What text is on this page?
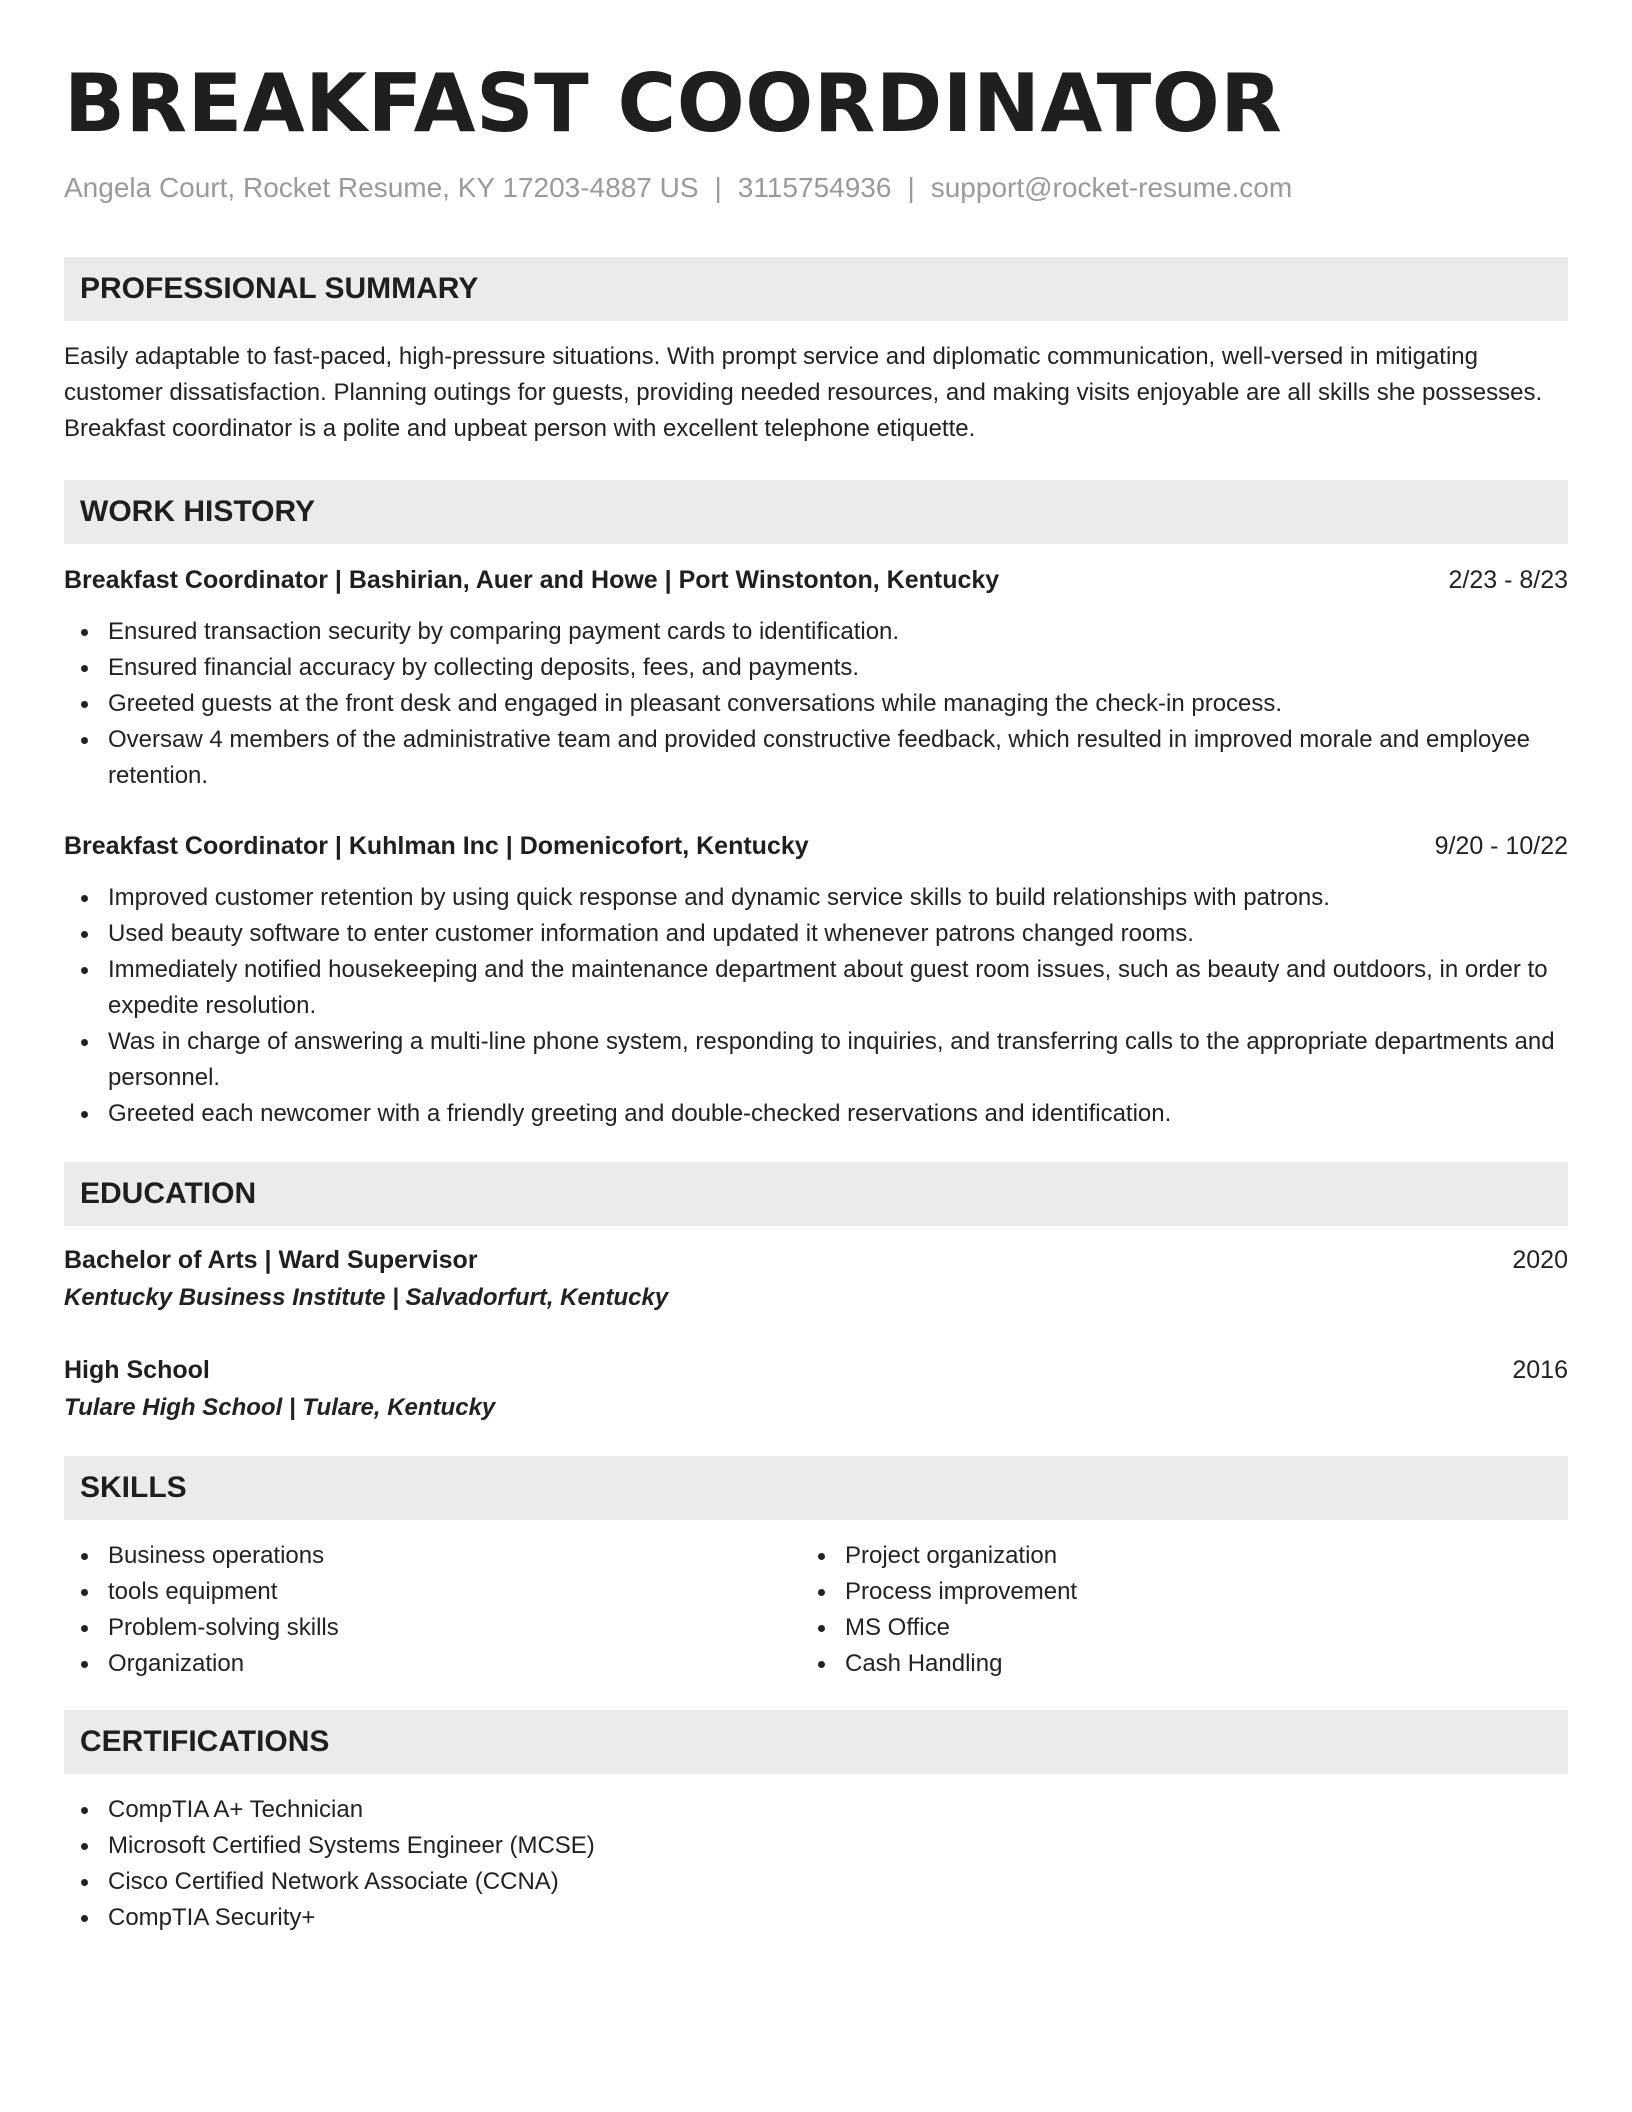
BREAKFAST COORDINATOR
Angela Court, Rocket Resume, KY 17203-4887 US | 3115754936 | support@rocket-resume.com
PROFESSIONAL SUMMARY

Easily adaptable to fast-paced, high-pressure situations. With prompt service and diplomatic communication, well-versed in mitigating customer dissatisfaction. Planning outings for guests, providing needed resources, and making visits enjoyable are all skills she possesses. Breakfast coordinator is a polite and upbeat person with excellent telephone etiquette.

WORK HISTORY
Breakfast Coordinator | Bashirian, Auer and Howe | Port Winstonton, Kentucky	2/23 - 8/23
Ensured transaction security by comparing payment cards to identification.
Ensured financial accuracy by collecting deposits, fees, and payments.
Greeted guests at the front desk and engaged in pleasant conversations while managing the check-in process.
Oversaw 4 members of the administrative team and provided constructive feedback, which resulted in improved morale and employee retention.
Breakfast Coordinator | Kuhlman Inc | Domenicofort, Kentucky	9/20 - 10/22
Improved customer retention by using quick response and dynamic service skills to build relationships with patrons.
Used beauty software to enter customer information and updated it whenever patrons changed rooms.
Immediately notified housekeeping and the maintenance department about guest room issues, such as beauty and outdoors, in order to expedite resolution.
Was in charge of answering a multi-line phone system, responding to inquiries, and transferring calls to the appropriate departments and personnel.
Greeted each newcomer with a friendly greeting and double-checked reservations and identification.
EDUCATION
Bachelor of Arts | Ward Supervisor	2020
Kentucky Business Institute | Salvadorfurt, Kentucky
High School	2016
Tulare High School | Tulare, Kentucky
SKILLS
Business operations
tools equipment
Problem-solving skills
Organization
Project organization
Process improvement
MS Office
Cash Handling
CERTIFICATIONS
CompTIA A+ Technician
Microsoft Certified Systems Engineer (MCSE)
Cisco Certified Network Associate (CCNA)
CompTIA Security+
